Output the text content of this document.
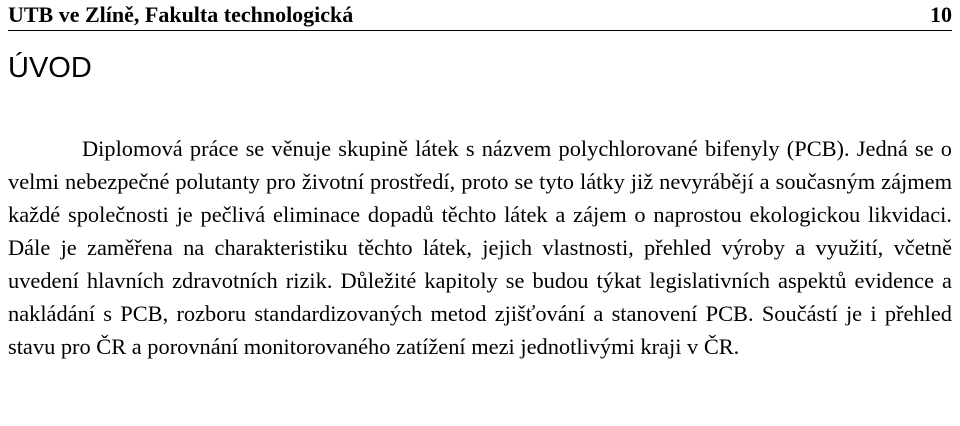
UTB ve Zlíně, Fakulta technologická	10
ÚVOD

Diplomová práce se věnuje skupině látek s názvem polychlorované bifenyly (PCB). Jedná se o velmi nebezpečné polutanty pro životní prostředí, proto se tyto látky již nevyrábějí a současným zájmem každé společnosti je pečlivá eliminace dopadů těchto látek a zájem o naprostou ekologickou likvidaci. Dále je zaměřena na charakteristiku těchto látek, jejich vlastnosti, přehled výroby a využití, včetně uvedení hlavních zdravotních rizik. Důležité kapitoly se budou týkat legislativních aspektů evidence a nakládání s PCB, rozboru standardizovaných metod zjišťování a stanovení PCB. Součástí je i přehled stavu pro ČR a porovnání monitorovaného zatížení mezi jednotlivými kraji v ČR.
